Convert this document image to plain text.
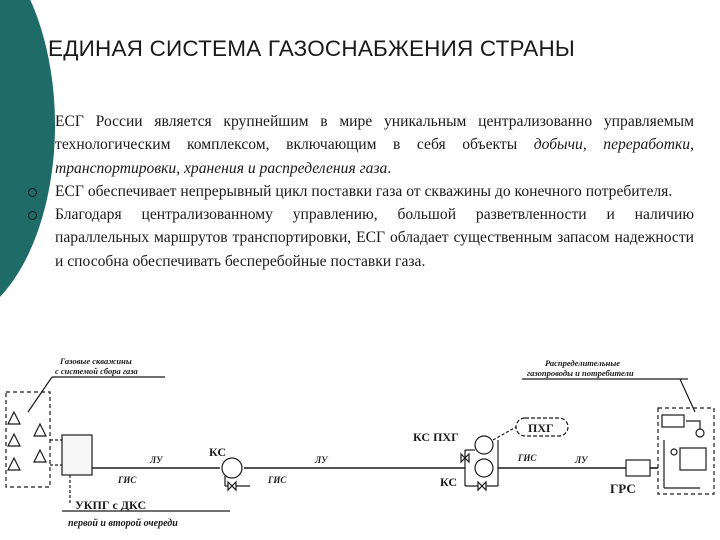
ЕДИНАЯ СИСТЕМА ГАЗОСНАБЖЕНИЯ СТРАНЫ
ЕСГ России является крупнейшим в мире уникальным централизованно управляемым технологическим комплексом, включающим в себя объекты добычи, переработки, транспортировки, хранения и распределения газа.
ЕСГ обеспечивает непрерывный цикл поставки газа от скважины до конечного потребителя.
Благодаря централизованному управлению, большой разветвленности и наличию параллельных маршрутов транспортировки, ЕСГ обладает существенным запасом надежности и способна обеспечивать бесперебойные поставки газа.
Газовые скважины
с системой сбора газа
УКПГ с ДКС
первой и второй очереди
ГИС
ЛУ
ГИС
ЛУ	ГИС	ЛУ
КС
КС ПХГ
КС
ПХГ
ГРС
Распределительные
газопроводы и потребители
